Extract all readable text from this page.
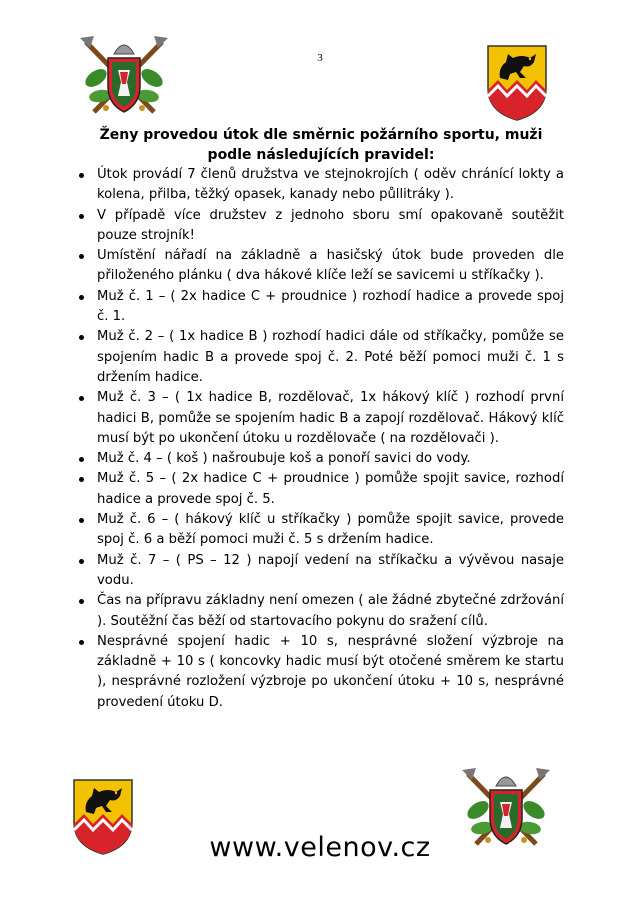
3
Ženy provedou útok dle směrnic požárního sportu, muži podle následujících pravidel:
Útok provádí 7 členů družstva ve stejnokrojích ( oděv chránící lokty a kolena, přilba, těžký opasek, kanady nebo půllitráky ).
V případě více družstev z jednoho sboru smí opakovaně soutěžit pouze strojník!
Umístění nářadí na základně a hasičský útok bude proveden dle přiloženého plánku ( dva hákové klíče leží se savicemi u stříkačky ).
Muž č. 1 – ( 2x hadice C + proudnice ) rozhodí hadice a provede spoj č. 1.
Muž č. 2 – ( 1x hadice B ) rozhodí hadici dále od stříkačky, pomůže se spojením hadic B a provede spoj č. 2. Poté běží pomoci muži č. 1 s držením hadice.
Muž č. 3 – ( 1x hadice B, rozdělovač, 1x hákový klíč ) rozhodí první hadici B, pomůže se spojením hadic B a zapojí rozdělovač. Hákový klíč musí být po ukončení útoku u rozdělovače ( na rozdělovači ).
Muž č. 4 – ( koš ) našroubuje koš a ponoří savici do vody.
Muž č. 5 – ( 2x hadice C + proudnice ) pomůže spojit savice, rozhodí hadice a provede spoj č. 5.
Muž č. 6 – ( hákový klíč u stříkačky ) pomůže spojit savice, provede spoj č. 6 a běží pomoci muži č. 5 s držením hadice.
Muž č. 7 – ( PS – 12 ) napojí vedení na stříkačku a vývěvou nasaje vodu.
Čas na přípravu základny není omezen ( ale žádné zbytečné zdržování ). Soutěžní čas běží od startovacího pokynu do sražení cílů.
Nesprávné spojení hadic + 10 s, nesprávné složení výzbroje na základně + 10 s ( koncovky hadic musí být otočené směrem ke startu ), nesprávné rozložení výzbroje po ukončení útoku + 10 s, nesprávné provedení útoku D.
www.velenov.cz
